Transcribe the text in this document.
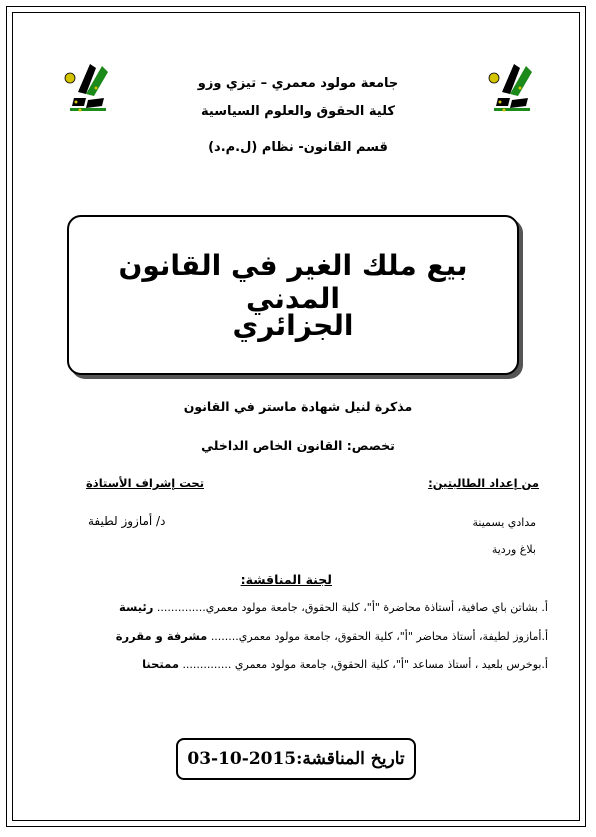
جامعة مولود معمري – تيزي وزو
كلية الحقوق والعلوم السياسية
قسم القانون- نظام (ل.م.د)
بيع ملك الغير في القانون المدني
الجزائري
مذكرة لنيل شهادة ماستر في القانون
تخصص: القانون الخاص الداخلي
من إعداد الطالبتين:
تحت إشراف الأستاذة
مدادي يسمينة
بلاغ وردية
د/ أمازوز لطيفة
لجنة المناقشة:
أ. بشاتن باي صافية، أستاذة محاضرة "أ"، كلية الحقوق، جامعة مولود معمري.............. رئيسة
أ.أمازوز لطيفة، أستاذ محاضر "أ"، كلية الحقوق، جامعة مولود معمري........ مشرفة و مقررة
أ.بوخرس بلعيد ، أستاذ مساعد "أ"، كلية الحقوق، جامعة مولود معمري .............. ممتحنا
تاريخ المناقشة:03-10-2015
